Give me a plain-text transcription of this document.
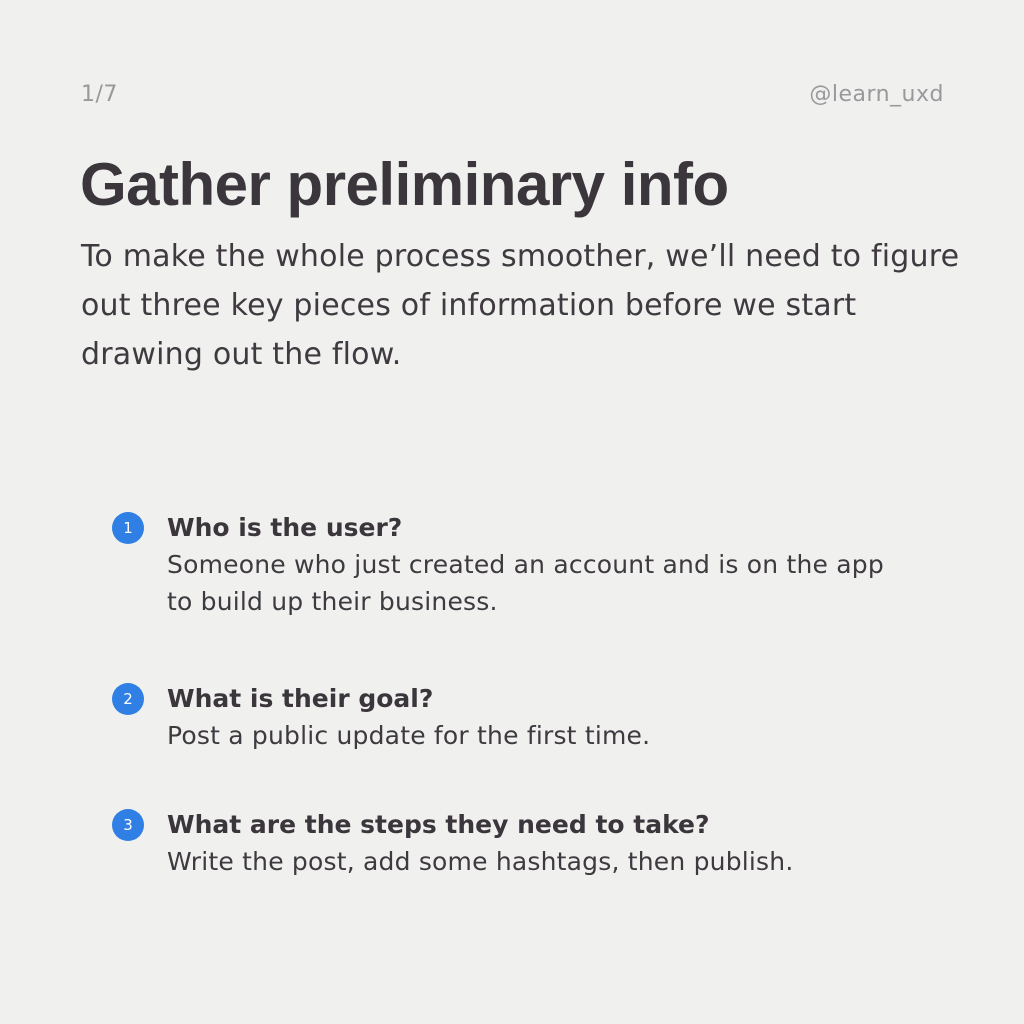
1/7	@learn_uxd
Gather preliminary info

To make the whole process smoother, we’ll need to figure out three key pieces of information before we start drawing out the flow.

1	Who is the user?

Someone who just created an account and is on the app to build up their business.

2	What is their goal?

Post a public update for the first time.

3	What are the steps they need to take?

Write the post, add some hashtags, then publish.
